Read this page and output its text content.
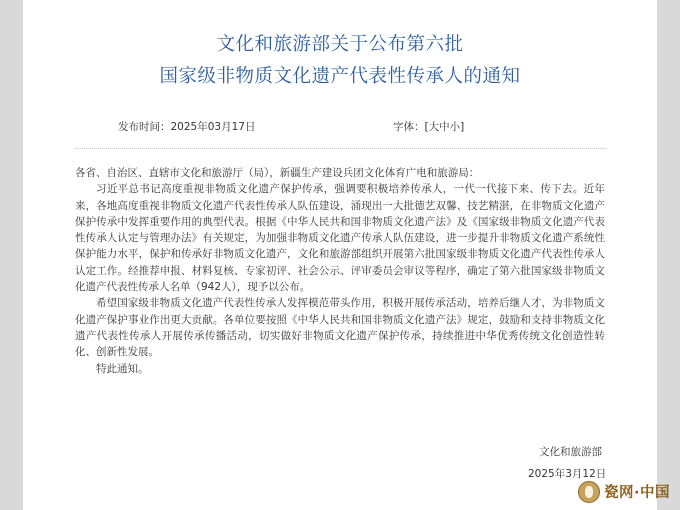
文化和旅游部关于公布第六批
国家级非物质文化遗产代表性传承人的通知
发布时间：2025年03月17日	字体：[大中小]

各省、自治区、直辖市文化和旅游厅（局），新疆生产建设兵团文化体育广电和旅游局：

习近平总书记高度重视非物质文化遗产保护传承，强调要积极培养传承人，一代一代接下来、传下去。近年来，各地高度重视非物质文化遗产代表性传承人队伍建设，涌现出一大批德艺双馨、技艺精湛，在非物质文化遗产保护传承中发挥重要作用的典型代表。根据《中华人民共和国非物质文化遗产法》及《国家级非物质文化遗产代表性传承人认定与管理办法》有关规定，为加强非物质文化遗产传承人队伍建设，进一步提升非物质文化遗产系统性保护能力水平，保护和传承好非物质文化遗产，文化和旅游部组织开展第六批国家级非物质文化遗产代表性传承人认定工作。经推荐申报、材料复核、专家初评、社会公示、评审委员会审议等程序，确定了第六批国家级非物质文化遗产代表性传承人名单（942人），现予以公布。

希望国家级非物质文化遗产代表性传承人发挥模范带头作用，积极开展传承活动，培养后继人才，为非物质文化遗产保护事业作出更大贡献。各单位要按照《中华人民共和国非物质文化遗产法》规定，鼓励和支持非物质文化遗产代表性传承人开展传承传播活动，切实做好非物质文化遗产保护传承，持续推进中华优秀传统文化创造性转化、创新性发展。

特此通知。

文化和旅游部
2025年3月12日
瓷网·中国
